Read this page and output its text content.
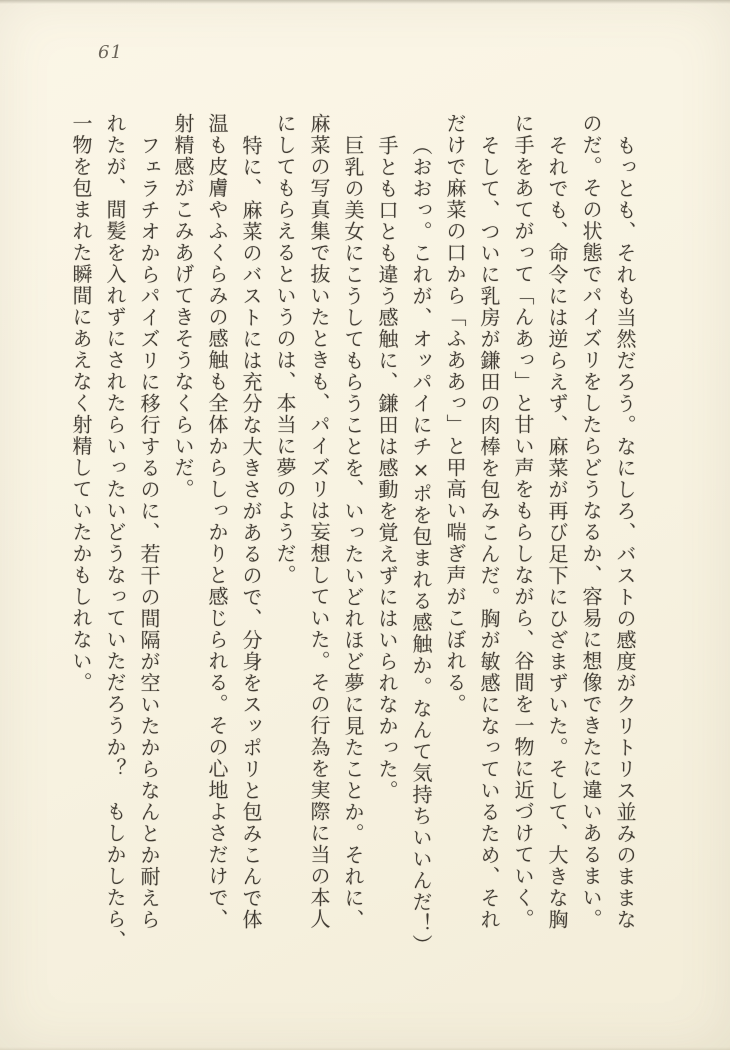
61
もっとも、それも当然だろう。なにしろ、バストの感度がクリトリス並みのままな
のだ。その状態でパイズリをしたらどうなるか、容易に想像できたに違いあるまい。
それでも、命令には逆らえず、麻菜が再び足下にひざまずいた。そして、大きな胸
に手をあてがって「んあっ」と甘い声をもらしながら、谷間を一物に近づけていく。
そして、ついに乳房が鎌田の肉棒を包みこんだ。胸が敏感になっているため、それ
だけで麻菜の口から「ふああっ」と甲高い喘ぎ声がこぼれる。
（おおっ。これが、オッパイにチ×ポを包まれる感触か。なんて気持ちいいんだ！）
手とも口とも違う感触に、鎌田は感動を覚えずにはいられなかった。
巨乳の美女にこうしてもらうことを、いったいどれほど夢に見たことか。それに、
麻菜の写真集で抜いたときも、パイズリは妄想していた。その行為を実際に当の本人
にしてもらえるというのは、本当に夢のようだ。
特に、麻菜のバストには充分な大きさがあるので、分身をスッポリと包みこんで体
温も皮膚やふくらみの感触も全体からしっかりと感じられる。その心地よさだけで、
射精感がこみあげてきそうなくらいだ。
フェラチオからパイズリに移行するのに、若干の間隔が空いたからなんとか耐えら
れたが、間髪を入れずにされたらいったいどうなっていただろうか？　もしかしたら、
一物を包まれた瞬間にあえなく射精していたかもしれない。
